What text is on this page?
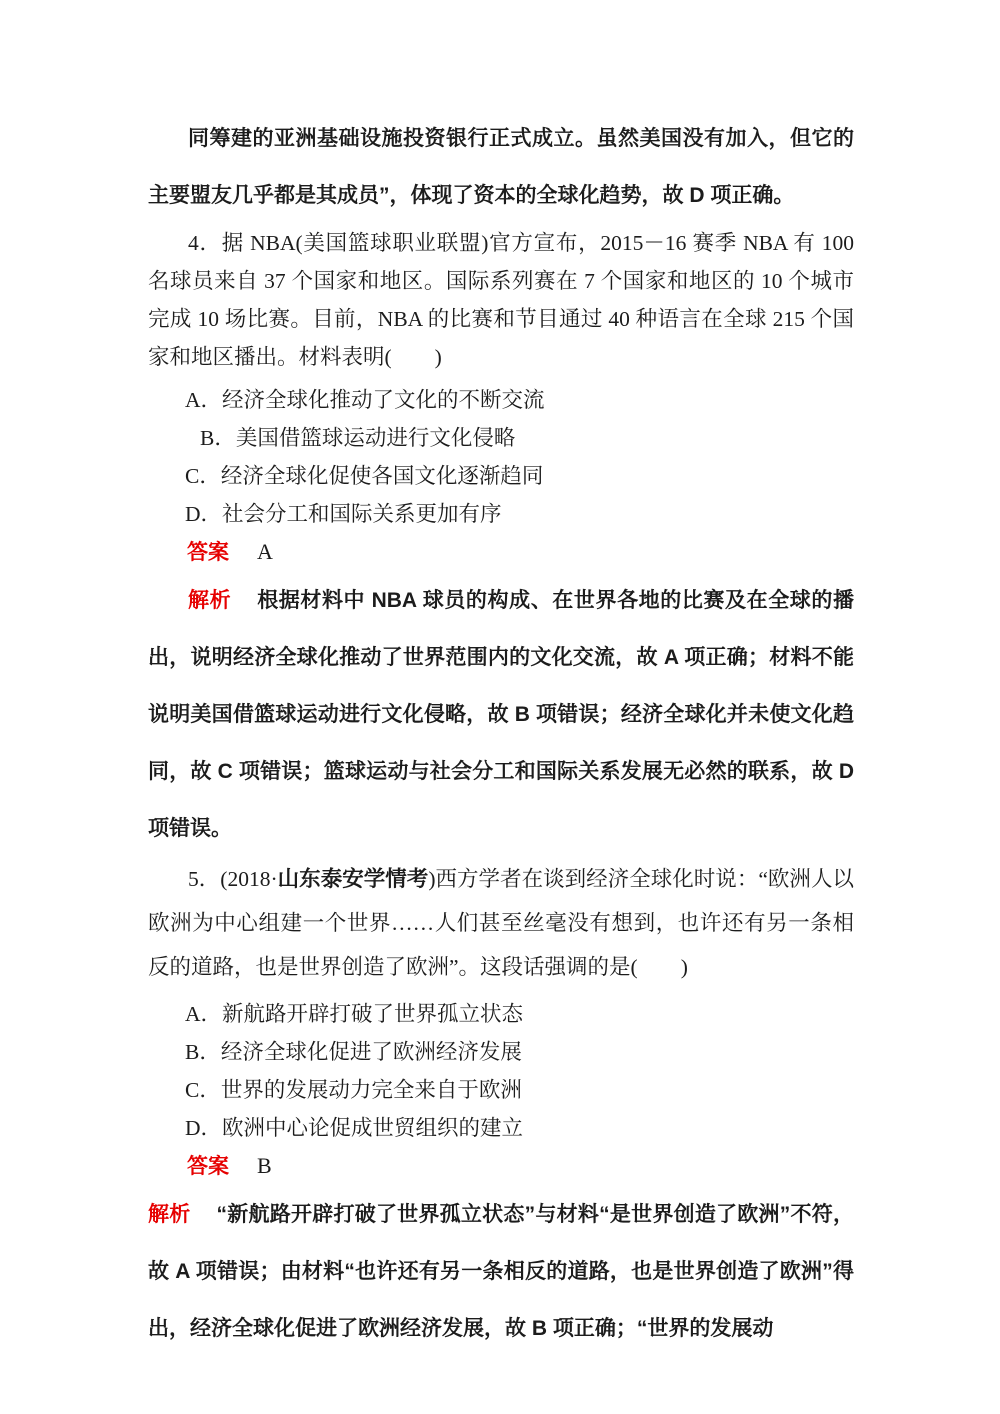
同筹建的亚洲基础设施投资银行正式成立。虽然美国没有加入，但它的主要盟友几乎都是其成员”，体现了资本的全球化趋势，故 D 项正确。

4．据 NBA(美国篮球职业联盟)官方宣布，2015－16 赛季 NBA 有 100 名球员来自 37 个国家和地区。国际系列赛在 7 个国家和地区的 10 个城市完成 10 场比赛。目前，NBA 的比赛和节目通过 40 种语言在全球 215 个国家和地区播出。材料表明(　　)

A．经济全球化推动了文化的不断交流

B．美国借篮球运动进行文化侵略

C．经济全球化促使各国文化逐渐趋同

D．社会分工和国际关系更加有序

答案 A

解析 根据材料中 NBA 球员的构成、在世界各地的比赛及在全球的播出，说明经济全球化推动了世界范围内的文化交流，故 A 项正确；材料不能说明美国借篮球运动进行文化侵略，故 B 项错误；经济全球化并未使文化趋同，故 C 项错误；篮球运动与社会分工和国际关系发展无必然的联系，故 D 项错误。

5．(2018·山东泰安学情考)西方学者在谈到经济全球化时说：“欧洲人以欧洲为中心组建一个世界……人们甚至丝毫没有想到，也许还有另一条相反的道路，也是世界创造了欧洲”。这段话强调的是(　　)

A．新航路开辟打破了世界孤立状态

B．经济全球化促进了欧洲经济发展

C．世界的发展动力完全来自于欧洲

D．欧洲中心论促成世贸组织的建立

答案 B

解析 “新航路开辟打破了世界孤立状态”与材料“是世界创造了欧洲”不符，故 A 项错误；由材料“也许还有另一条相反的道路，也是世界创造了欧洲”得出，经济全球化促进了欧洲经济发展，故 B 项正确；“世界的发展动
